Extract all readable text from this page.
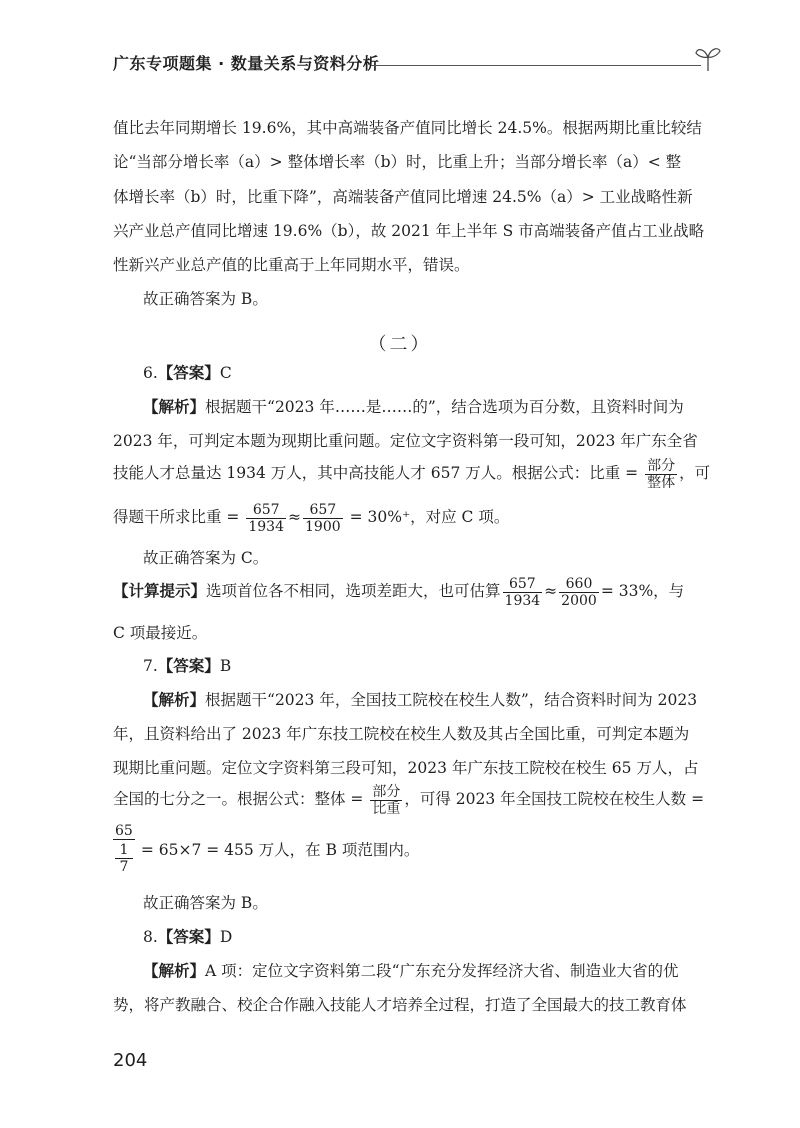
广东专项题集 · 数量关系与资料分析
值比去年同期增长 19.6%，其中高端装备产值同比增长 24.5%。根据两期比重比较结
论“当部分增长率（a）> 整体增长率（b）时，比重上升；当部分增长率（a）< 整
体增长率（b）时，比重下降”，高端装备产值同比增速 24.5%（a）> 工业战略性新
兴产业总产值同比增速 19.6%（b），故 2021 年上半年 S 市高端装备产值占工业战略
性新兴产业总产值的比重高于上年同期水平，错误。
故正确答案为 B。
（二）
6.【答案】C
【解析】根据题干“2023 年……是……的”，结合选项为百分数，且资料时间为
2023 年，可判定本题为现期比重问题。定位文字资料第一段可知，2023 年广东全省
技能人才总量达 1934 万人，其中高技能人才 657 万人。根据公式：比重 = $\frac{\text{部分}}{\text{整体}}$ ，可
得题干所求比重 = $\frac{657}{1934} \approx \frac{657}{1900} = 30\%^+$，对应 C 项。
故正确答案为 C。
【计算提示】选项首位各不相同，选项差距大，也可估算 $\frac{657}{1934} \approx \frac{660}{2000} = 33\%$，与
C 项最接近。
7.【答案】B
【解析】根据题干“2023 年，全国技工院校在校生人数”，结合资料时间为 2023
年，且资料给出了 2023 年广东技工院校在校生人数及其占全国比重，可判定本题为
现期比重问题。定位文字资料第三段可知，2023 年广东技工院校在校生 65 万人，占
全国的七分之一。根据公式：整体 = $\frac{\text{部分}}{\text{比重}}$ ，可得 2023 年全国技工院校在校生人数 =
65
1
7 = 65×7 = 455 万人，在 B 项范围内。
故正确答案为 B。
8.【答案】D
【解析】A 项：定位文字资料第二段“广东充分发挥经济大省、制造业大省的优
势，将产教融合、校企合作融入技能人才培养全过程，打造了全国最大的技工教育体
204
